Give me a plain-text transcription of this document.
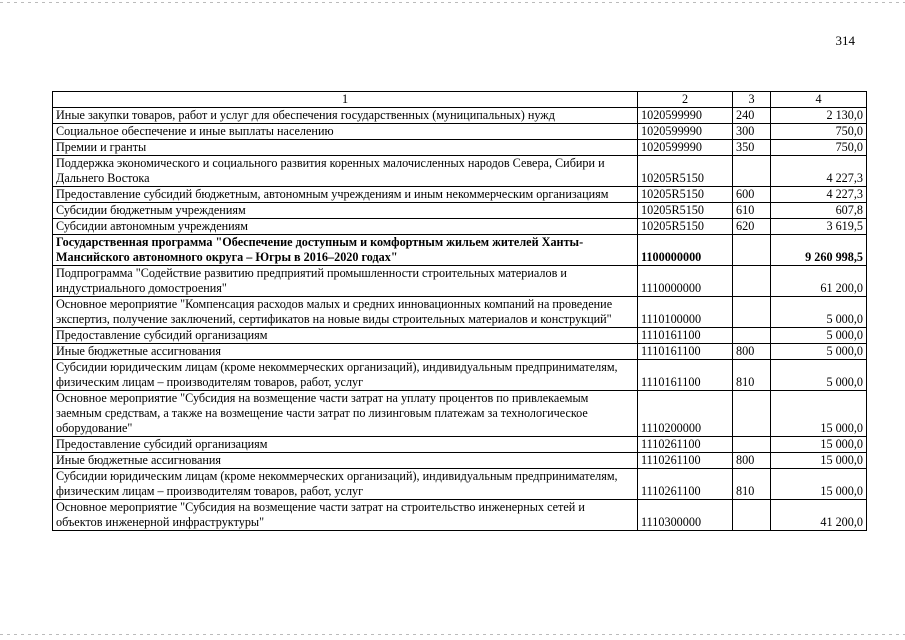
314
1	2	3	4
Иные закупки товаров, работ и услуг для обеспечения государственных (муниципальных) нужд	1020599990	240	2 130,0
Социальное обеспечение и иные выплаты населению	1020599990	300	750,0
Премии и гранты	1020599990	350	750,0
Поддержка экономического и социального развития коренных малочисленных народов Севера, Сибири и Дальнего Востока	10205R5150		4 227,3
Предоставление субсидий бюджетным, автономным учреждениям и иным некоммерческим организациям	10205R5150	600	4 227,3
Субсидии бюджетным учреждениям	10205R5150	610	607,8
Субсидии автономным учреждениям	10205R5150	620	3 619,5
Государственная программа "Обеспечение доступным и комфортным жильем жителей Ханты-Мансийского автономного округа – Югры в 2016–2020 годах"	1100000000		9 260 998,5
Подпрограмма "Содействие развитию предприятий промышленности строительных материалов и индустриального домостроения"	1110000000		61 200,0
Основное мероприятие "Компенсация расходов малых и средних инновационных компаний на проведение экспертиз, получение заключений, сертификатов на новые виды строительных материалов и конструкций"	1110100000		5 000,0
Предоставление субсидий организациям	1110161100		5 000,0
Иные бюджетные ассигнования	1110161100	800	5 000,0
Субсидии юридическим лицам (кроме некоммерческих организаций), индивидуальным предпринимателям, физическим лицам – производителям товаров, работ, услуг	1110161100	810	5 000,0
Основное мероприятие "Субсидия на возмещение части затрат на уплату процентов по привлекаемым заемным средствам, а также на возмещение части затрат по лизинговым платежам за технологическое оборудование"	1110200000		15 000,0
Предоставление субсидий организациям	1110261100		15 000,0
Иные бюджетные ассигнования	1110261100	800	15 000,0
Субсидии юридическим лицам (кроме некоммерческих организаций), индивидуальным предпринимателям, физическим лицам – производителям товаров, работ, услуг	1110261100	810	15 000,0
Основное мероприятие "Субсидия на возмещение части затрат на строительство инженерных сетей и объектов инженерной инфраструктуры"	1110300000		41 200,0
